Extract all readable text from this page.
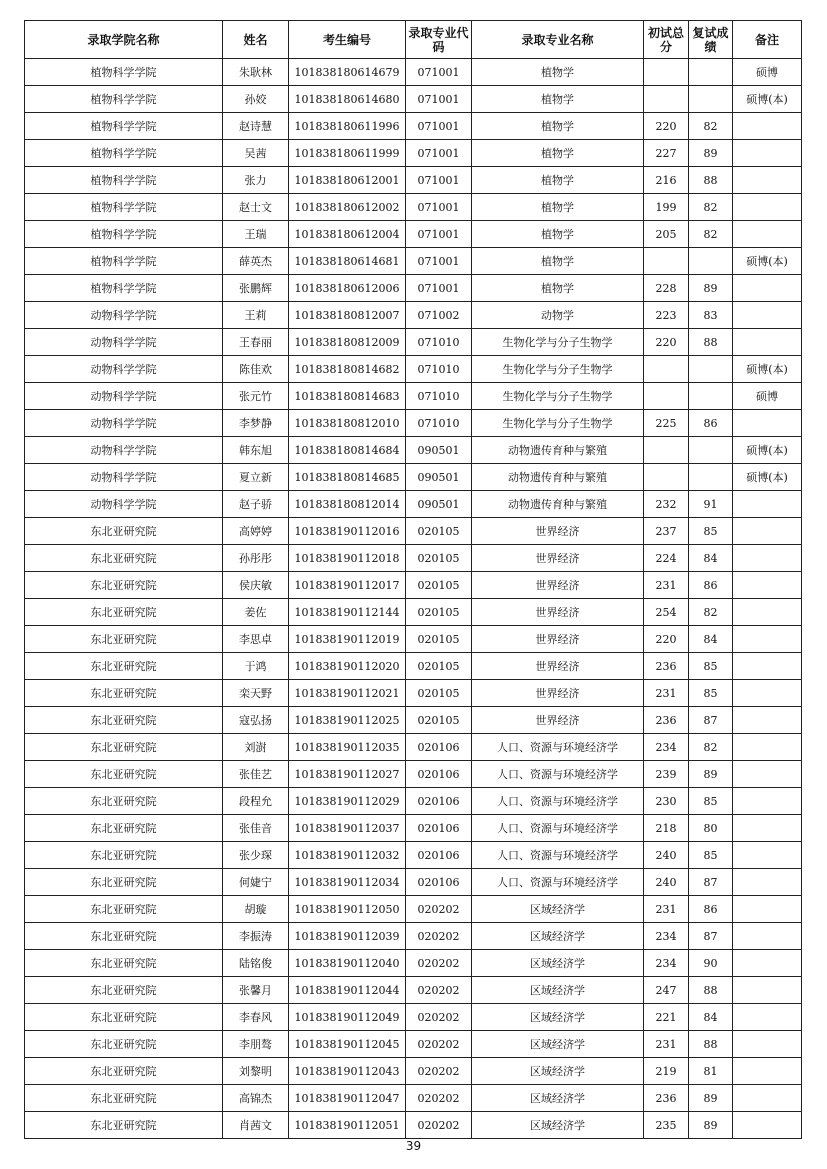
录取学院名称	姓名	考生编号	录取专业代码	录取专业名称	初试总分	复试成绩	备注
植物科学学院	朱耿林	101838180614679	071001	植物学			硕博
植物科学学院	孙姣	101838180614680	071001	植物学			硕博(本)
植物科学学院	赵诗慧	101838180611996	071001	植物学	220	82	
植物科学学院	吴茜	101838180611999	071001	植物学	227	89	
植物科学学院	张力	101838180612001	071001	植物学	216	88	
植物科学学院	赵士文	101838180612002	071001	植物学	199	82	
植物科学学院	王瑞	101838180612004	071001	植物学	205	82	
植物科学学院	薛英杰	101838180614681	071001	植物学			硕博(本)
植物科学学院	张鹏辉	101838180612006	071001	植物学	228	89	
动物科学学院	王莉	101838180812007	071002	动物学	223	83	
动物科学学院	王春丽	101838180812009	071010	生物化学与分子生物学	220	88	
动物科学学院	陈佳欢	101838180814682	071010	生物化学与分子生物学			硕博(本)
动物科学学院	张元竹	101838180814683	071010	生物化学与分子生物学			硕博
动物科学学院	李梦静	101838180812010	071010	生物化学与分子生物学	225	86	
动物科学学院	韩东旭	101838180814684	090501	动物遗传育种与繁殖			硕博(本)
动物科学学院	夏立新	101838180814685	090501	动物遗传育种与繁殖			硕博(本)
动物科学学院	赵子骄	101838180812014	090501	动物遗传育种与繁殖	232	91	
东北亚研究院	高婷婷	101838190112016	020105	世界经济	237	85	
东北亚研究院	孙彤彤	101838190112018	020105	世界经济	224	84	
东北亚研究院	侯庆敏	101838190112017	020105	世界经济	231	86	
东北亚研究院	姜佐	101838190112144	020105	世界经济	254	82	
东北亚研究院	李思卓	101838190112019	020105	世界经济	220	84	
东北亚研究院	于鸿	101838190112020	020105	世界经济	236	85	
东北亚研究院	栾天野	101838190112021	020105	世界经济	231	85	
东北亚研究院	寇弘扬	101838190112025	020105	世界经济	236	87	
东北亚研究院	刘澍	101838190112035	020106	人口、资源与环境经济学	234	82	
东北亚研究院	张佳艺	101838190112027	020106	人口、资源与环境经济学	239	89	
东北亚研究院	段程允	101838190112029	020106	人口、资源与环境经济学	230	85	
东北亚研究院	张佳音	101838190112037	020106	人口、资源与环境经济学	218	80	
东北亚研究院	张少琛	101838190112032	020106	人口、资源与环境经济学	240	85	
东北亚研究院	何婕宁	101838190112034	020106	人口、资源与环境经济学	240	87	
东北亚研究院	胡璇	101838190112050	020202	区域经济学	231	86	
东北亚研究院	李振涛	101838190112039	020202	区域经济学	234	87	
东北亚研究院	陆铭俊	101838190112040	020202	区域经济学	234	90	
东北亚研究院	张馨月	101838190112044	020202	区域经济学	247	88	
东北亚研究院	李春风	101838190112049	020202	区域经济学	221	84	
东北亚研究院	李朋骜	101838190112045	020202	区域经济学	231	88	
东北亚研究院	刘黎明	101838190112043	020202	区域经济学	219	81	
东北亚研究院	高锦杰	101838190112047	020202	区域经济学	236	89	
东北亚研究院	肖茜文	101838190112051	020202	区域经济学	235	89	
39
